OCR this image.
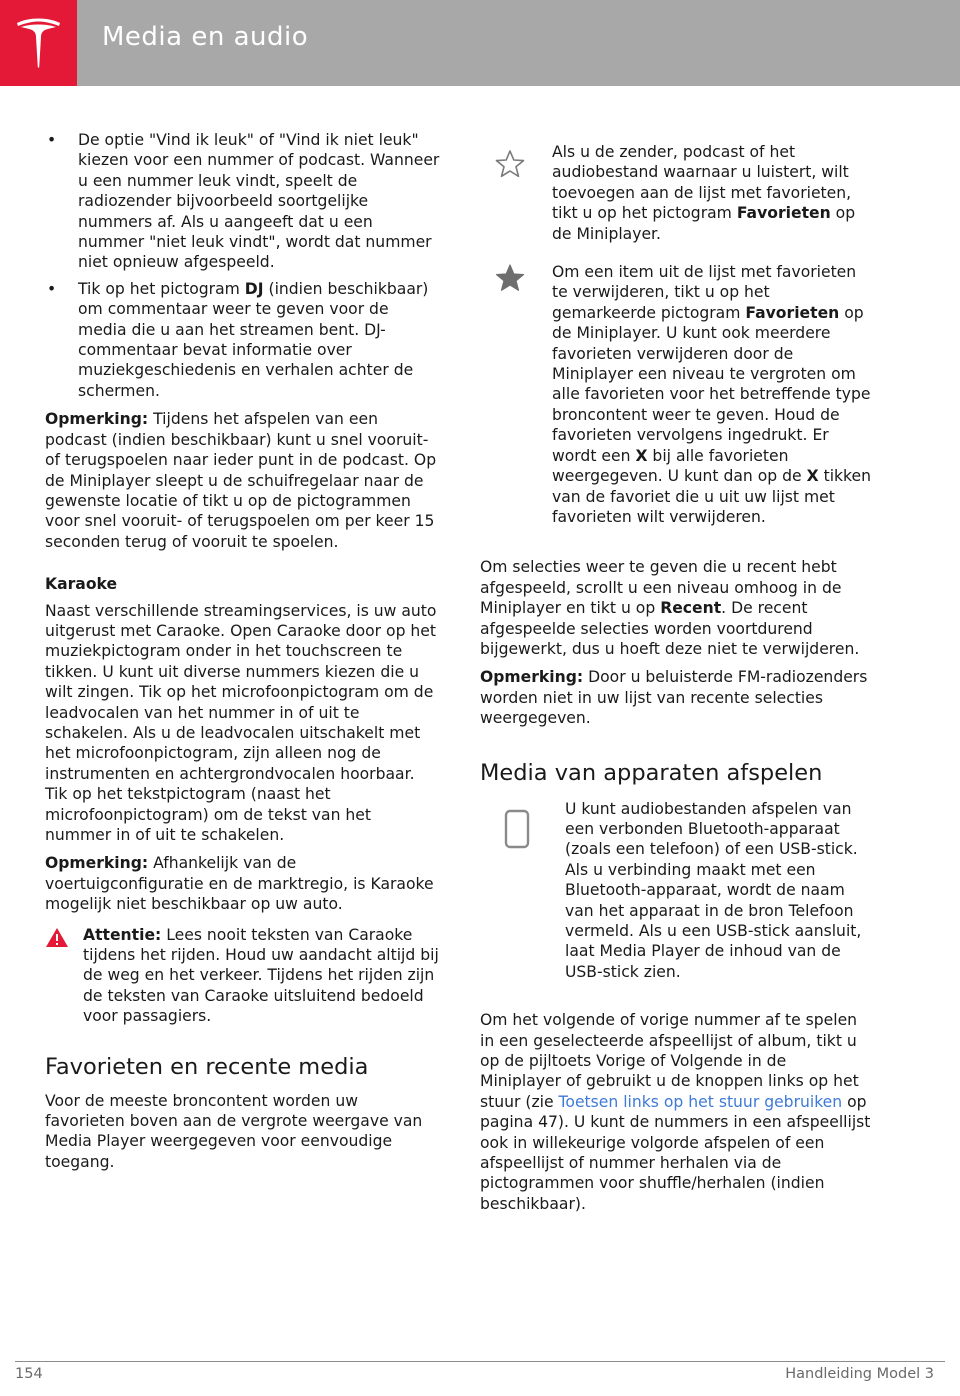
Media en audio
• De optie "Vind ik leuk" of "Vind ik niet leuk" kiezen voor een nummer of podcast. Wanneer u een nummer leuk vindt, speelt de radiozender bijvoorbeeld soortgelijke nummers af. Als u aangeeft dat u een nummer "niet leuk vindt", wordt dat nummer niet opnieuw afgespeeld.
• Tik op het pictogram DJ (indien beschikbaar) om commentaar weer te geven voor de media die u aan het streamen bent. DJ-commentaar bevat informatie over muziekgeschiedenis en verhalen achter de schermen.

Opmerking: Tijdens het afspelen van een podcast (indien beschikbaar) kunt u snel vooruit- of terugspoelen naar ieder punt in de podcast. Op de Miniplayer sleept u de schuifregelaar naar de gewenste locatie of tikt u op de pictogrammen voor snel vooruit- of terugspoelen om per keer 15 seconden terug of vooruit te spoelen.

Karaoke

Naast verschillende streamingservices, is uw auto uitgerust met Caraoke. Open Caraoke door op het muziekpictogram onder in het touchscreen te tikken. U kunt uit diverse nummers kiezen die u wilt zingen. Tik op het microfoonpictogram om de leadvocalen van het nummer in of uit te schakelen. Als u de leadvocalen uitschakelt met het microfoonpictogram, zijn alleen nog de instrumenten en achtergrondvocalen hoorbaar. Tik op het tekstpictogram (naast het microfoonpictogram) om de tekst van het nummer in of uit te schakelen.

Opmerking: Afhankelijk van de voertuigconfiguratie en de marktregio, is Karaoke mogelijk niet beschikbaar op uw auto.

Attentie: Lees nooit teksten van Caraoke tijdens het rijden. Houd uw aandacht altijd bij de weg en het verkeer. Tijdens het rijden zijn de teksten van Caraoke uitsluitend bedoeld voor passagiers.
Favorieten en recente media

Voor de meeste broncontent worden uw favorieten boven aan de vergrote weergave van Media Player weergegeven voor eenvoudige toegang.

Als u de zender, podcast of het audiobestand waarnaar u luistert, wilt toevoegen aan de lijst met favorieten, tikt u op het pictogram Favorieten op de Miniplayer.
Om een item uit de lijst met favorieten te verwijderen, tikt u op het gemarkeerde pictogram Favorieten op de Miniplayer. U kunt ook meerdere favorieten verwijderen door de Miniplayer een niveau te vergroten om alle favorieten voor het betreffende type broncontent weer te geven. Houd de favorieten vervolgens ingedrukt. Er wordt een X bij alle favorieten weergegeven. U kunt dan op de X tikken van de favoriet die u uit uw lijst met favorieten wilt verwijderen.

Om selecties weer te geven die u recent hebt afgespeeld, scrollt u een niveau omhoog in de Miniplayer en tikt u op Recent. De recent afgespeelde selecties worden voortdurend bijgewerkt, dus u hoeft deze niet te verwijderen.

Opmerking: Door u beluisterde FM-radiozenders worden niet in uw lijst van recente selecties weergegeven.

Media van apparaten afspelen
U kunt audiobestanden afspelen van een verbonden Bluetooth-apparaat (zoals een telefoon) of een USB-stick. Als u verbinding maakt met een Bluetooth-apparaat, wordt de naam van het apparaat in de bron Telefoon vermeld. Als u een USB-stick aansluit, laat Media Player de inhoud van de USB-stick zien.

Om het volgende of vorige nummer af te spelen in een geselecteerde afspeellijst of album, tikt u op de pijltoets Vorige of Volgende in de Miniplayer of gebruikt u de knoppen links op het stuur (zie Toetsen links op het stuur gebruiken op pagina 47). U kunt de nummers in een afspeellijst ook in willekeurige volgorde afspelen of een afspeellijst of nummer herhalen via de pictogrammen voor shuffle/herhalen (indien beschikbaar).

154	Handleiding Model 3
